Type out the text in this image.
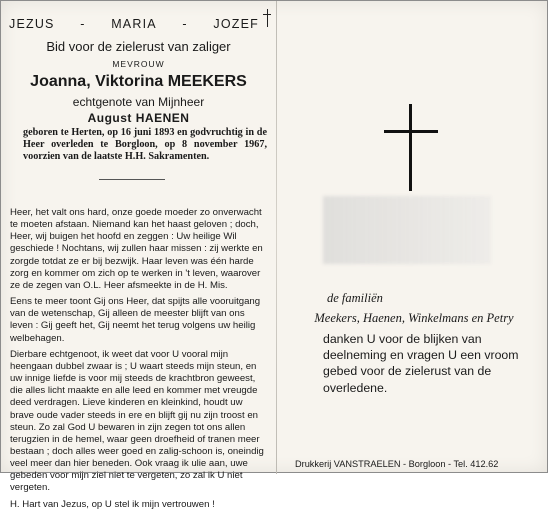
JEZUS - MARIA - JOZEF
Bid voor de zielerust van zaliger
MEVROUW
Joanna, Viktorina MEEKERS
echtgenote van Mijnheer
August HAENEN
geboren te Herten, op 16 juni 1893 en godvruchtig in de Heer overleden te Borgloon, op 8 november 1967, voorzien van de laatste H.H. Sakramenten.

Heer, het valt ons hard, onze goede moeder zo onverwacht te moeten afstaan. Niemand kan het haast geloven ; doch, Heer, wij buigen het hoofd en zeggen : Uw heilige Wil geschiede ! Nochtans, wij zullen haar missen : zij werkte en zorgde totdat ze er bij bezwijk. Haar leven was één harde zorg en kommer om zich op te werken in 't leven, waarover ze de zegen van O.L. Heer afsmeekte in de H. Mis.

Eens te meer toont Gij ons Heer, dat spijts alle vooruitgang van de wetenschap, Gij alleen de meester blijft van ons leven : Gij geeft het, Gij neemt het terug volgens uw heilig welbehagen.

Dierbare echtgenoot, ik weet dat voor U vooral mijn heengaan dubbel zwaar is ; U waart steeds mijn steun, en uw innige liefde is voor mij steeds de krachtbron geweest, die alles licht maakte en alle leed en kommer met vreugde deed verdragen. Lieve kinderen en kleinkind, houdt uw brave oude vader steeds in ere en blijft gij nu zijn troost en steun. Zo zal God U bewaren in zijn zegen tot ons allen terugzien in de hemel, waar geen droefheid of tranen meer bestaan ; doch alles weer goed en zalig-schoon is, oneindig veel meer dan hier beneden. Ook vraag ik ulie aan, uwe gebeden voor mijn ziel niet te vergeten, zo zal ik U niet vergeten.

H. Hart van Jezus, op U stel ik mijn vertrouwen !

de familiën
Meekers, Haenen, Winkelmans en Petry
danken U voor de blijken van deelneming en vragen U een vroom gebed voor de zielerust van de overledene.
Drukkerij VANSTRAELEN - Borgloon - Tel. 412.62
